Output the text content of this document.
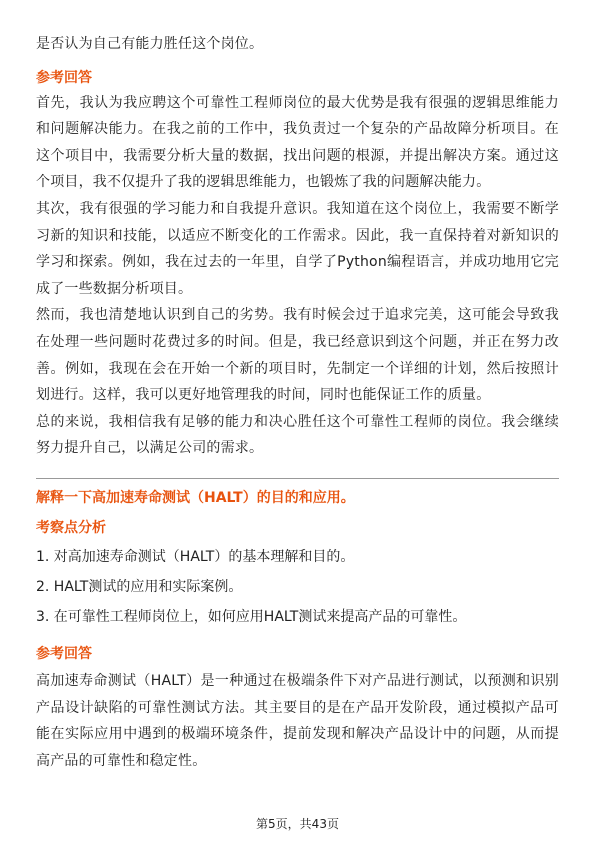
是否认为自己有能力胜任这个岗位。

参考回答

首先，我认为我应聘这个可靠性工程师岗位的最大优势是我有很强的逻辑思维能力和问题解决能力。在我之前的工作中，我负责过一个复杂的产品故障分析项目。在这个项目中，我需要分析大量的数据，找出问题的根源，并提出解决方案。通过这个项目，我不仅提升了我的逻辑思维能力，也锻炼了我的问题解决能力。

其次，我有很强的学习能力和自我提升意识。我知道在这个岗位上，我需要不断学习新的知识和技能，以适应不断变化的工作需求。因此，我一直保持着对新知识的学习和探索。例如，我在过去的一年里，自学了Python编程语言，并成功地用它完成了一些数据分析项目。

然而，我也清楚地认识到自己的劣势。我有时候会过于追求完美，这可能会导致我在处理一些问题时花费过多的时间。但是，我已经意识到这个问题，并正在努力改善。例如，我现在会在开始一个新的项目时，先制定一个详细的计划，然后按照计划进行。这样，我可以更好地管理我的时间，同时也能保证工作的质量。

总的来说，我相信我有足够的能力和决心胜任这个可靠性工程师的岗位。我会继续努力提升自己，以满足公司的需求。

解释一下高加速寿命测试（HALT）的目的和应用。
考察点分析
1. 对高加速寿命测试（HALT）的基本理解和目的。
2. HALT测试的应用和实际案例。
3. 在可靠性工程师岗位上，如何应用HALT测试来提高产品的可靠性。
参考回答

高加速寿命测试（HALT）是一种通过在极端条件下对产品进行测试，以预测和识别产品设计缺陷的可靠性测试方法。其主要目的是在产品开发阶段，通过模拟产品可能在实际应用中遇到的极端环境条件，提前发现和解决产品设计中的问题，从而提高产品的可靠性和稳定性。

第5页，共43页
